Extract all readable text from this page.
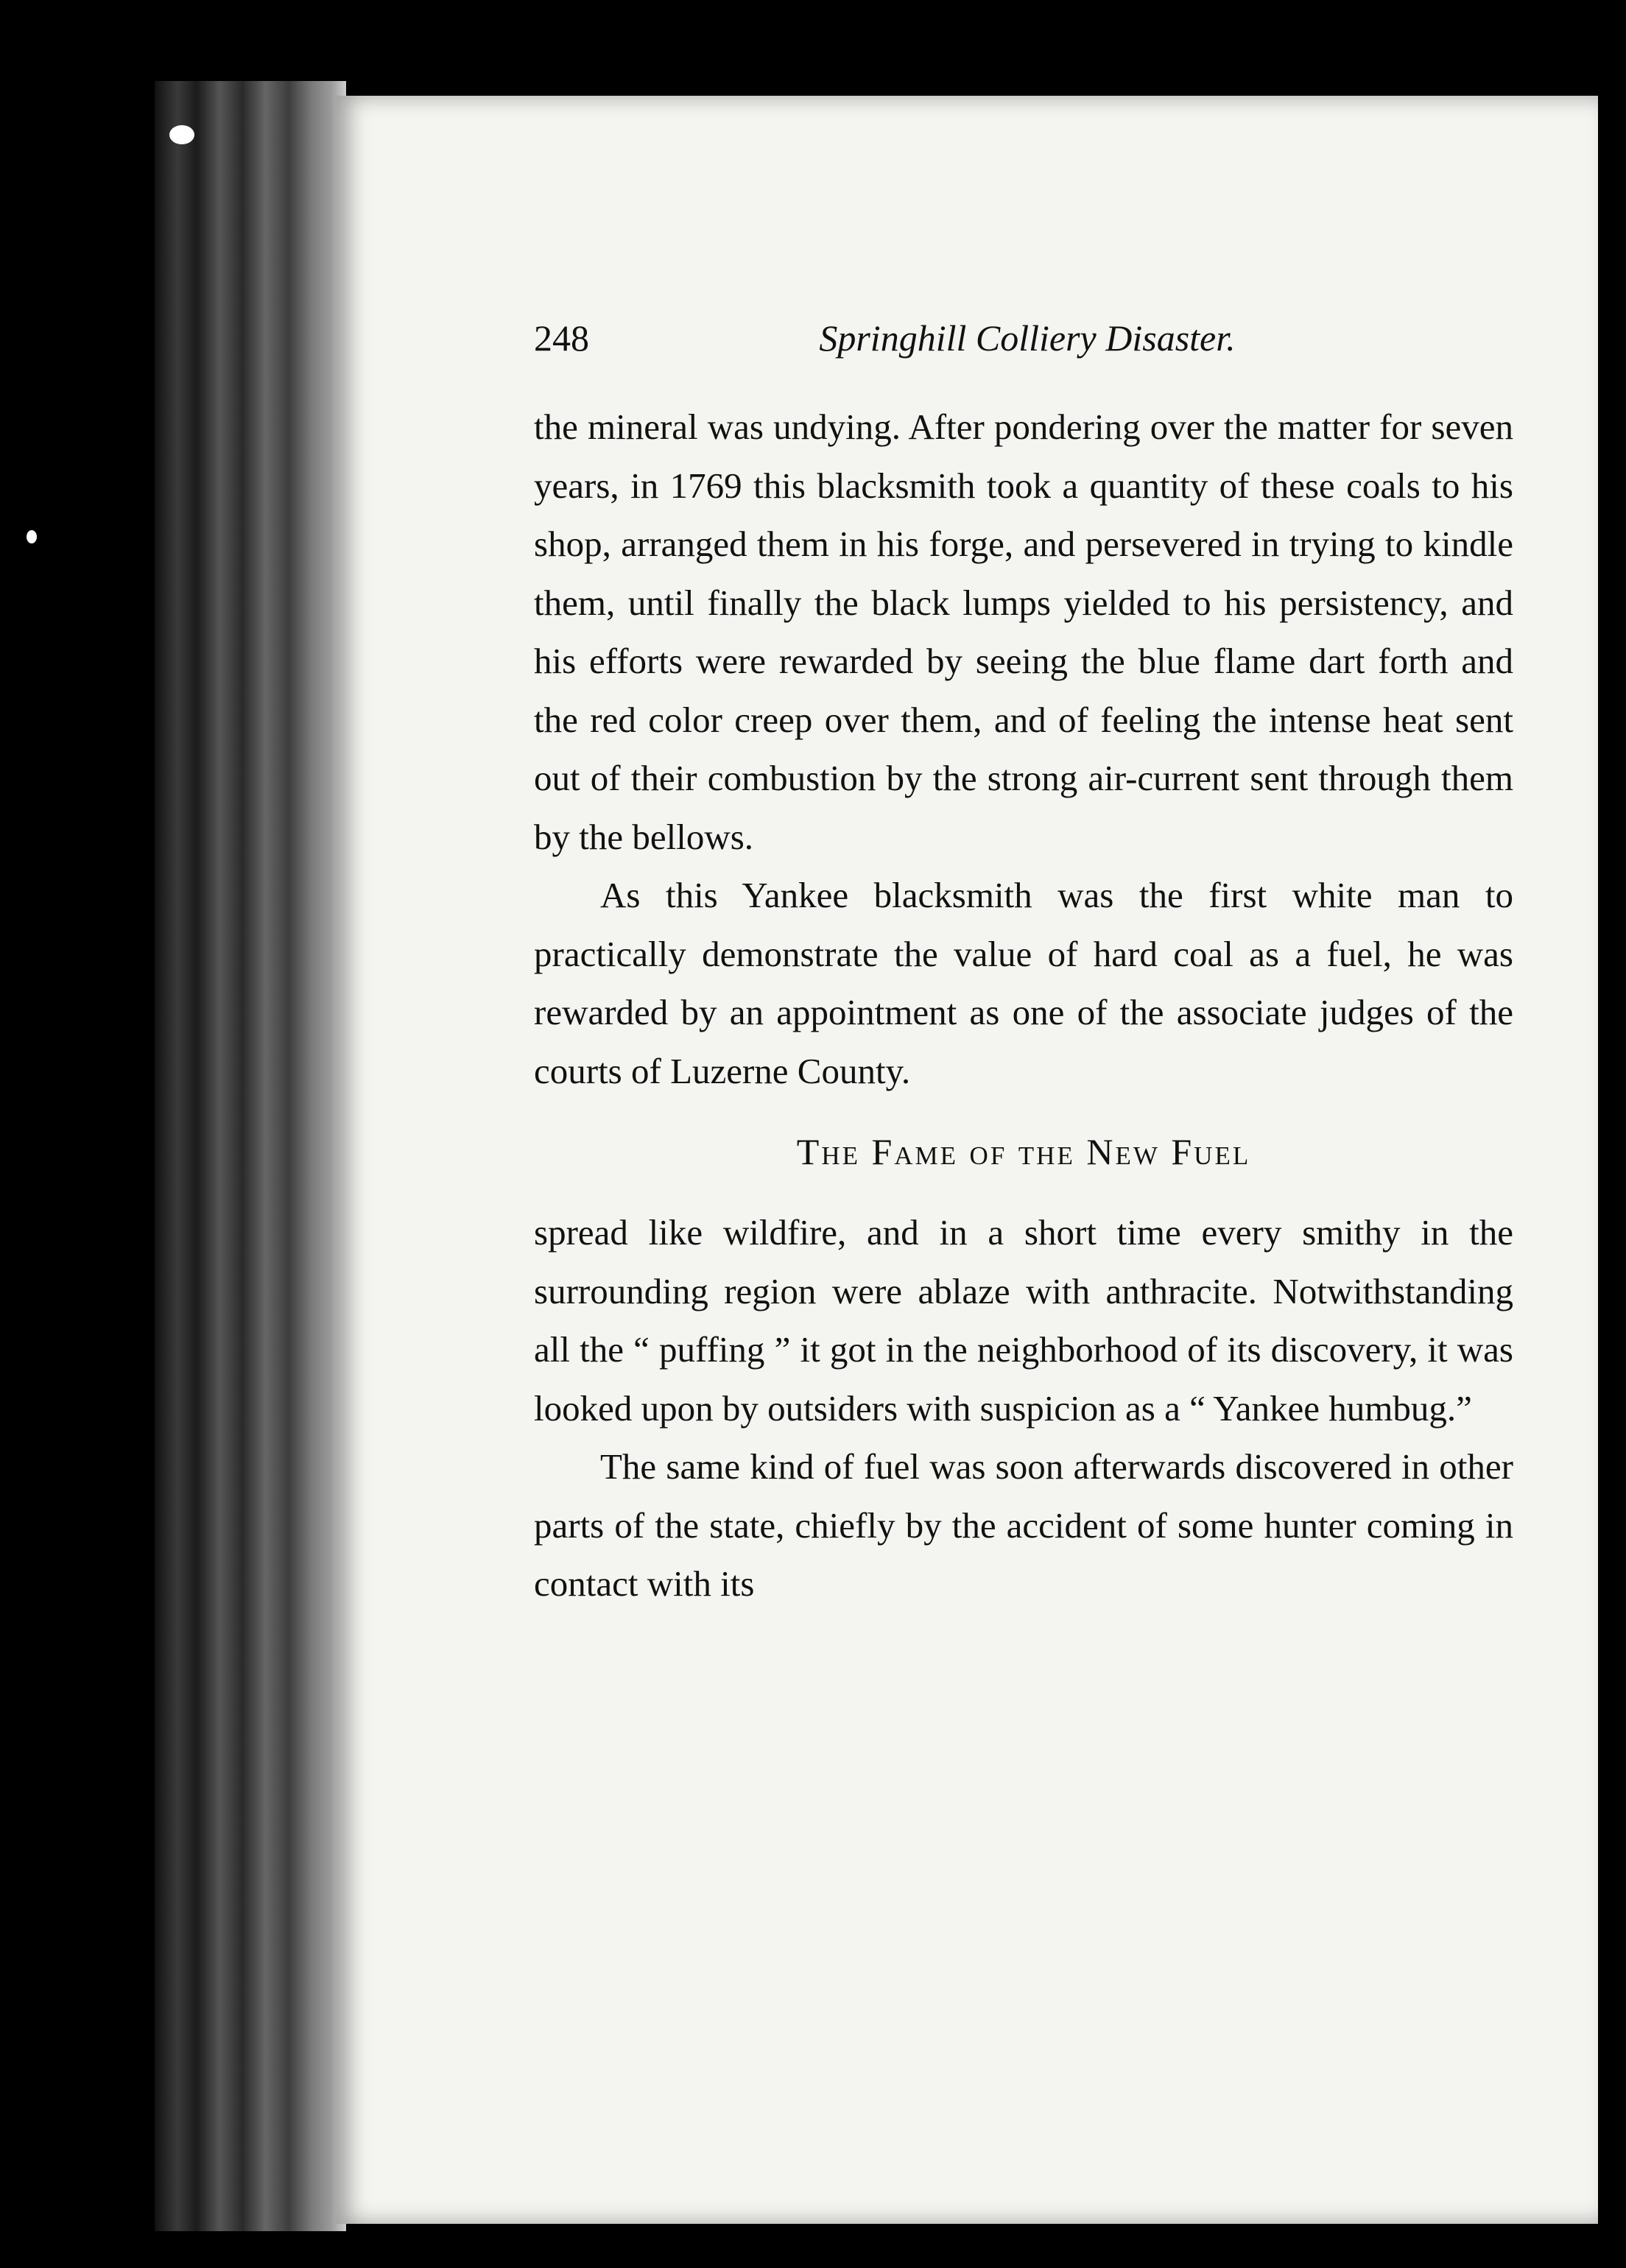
248	Springhill Colliery Disaster.

the mineral was undying. After pondering over the matter for seven years, in 1769 this blacksmith took a quantity of these coals to his shop, arranged them in his forge, and persevered in trying to kindle them, until finally the black lumps yielded to his persistency, and his efforts were rewarded by seeing the blue flame dart forth and the red color creep over them, and of feeling the intense heat sent out of their combustion by the strong air-current sent through them by the bellows.

As this Yankee blacksmith was the first white man to practically demonstrate the value of hard coal as a fuel, he was rewarded by an appointment as one of the associate judges of the courts of Luzerne County.

The Fame of the New Fuel

spread like wildfire, and in a short time every smithy in the surrounding region were ablaze with anthracite. Notwithstanding all the “ puffing ” it got in the neighborhood of its discovery, it was looked upon by outsiders with suspicion as a “ Yankee humbug.”

The same kind of fuel was soon afterwards discovered in other parts of the state, chiefly by the accident of some hunter coming in contact with its
